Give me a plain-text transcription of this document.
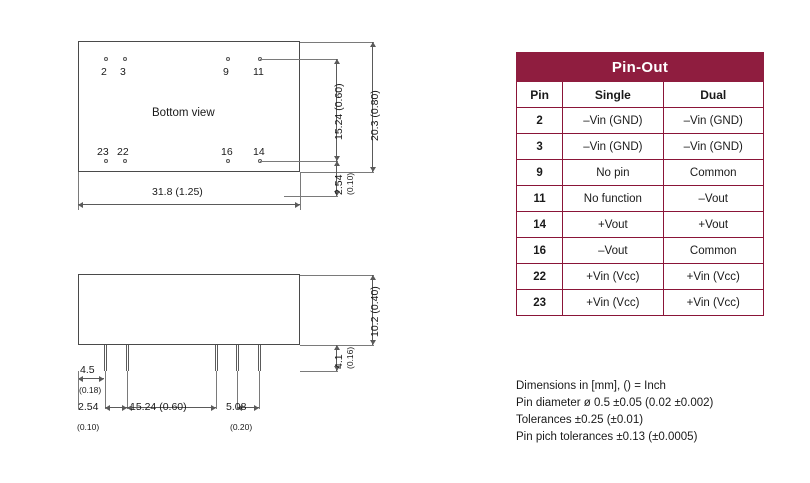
2 3	9 11
Bottom view
23 22	16 14
15.24 (0.60) 20.3 (0.80)
2.54 (0.10)
31.8 (1.25)
10.2 (0.40)
4.1 (0.16)
4.5
(0.18)
2.54
(0.10)
15.24 (0.60)	5.08
(0.20)
Pin-Out		
Pin	Single	Dual
2	–Vin (GND)	–Vin (GND)
3	–Vin (GND)	–Vin (GND)
9	No pin	Common
11	No function	–Vout
14	+Vout	+Vout
16	–Vout	Common
22	+Vin (Vcc)	+Vin (Vcc)
23	+Vin (Vcc)	+Vin (Vcc)
Dimensions in [mm], () = Inch
Pin diameter ø 0.5 ±0.05 (0.02 ±0.002)
Tolerances ±0.25 (±0.01)
Pin pich tolerances ±0.13 (±0.0005)
